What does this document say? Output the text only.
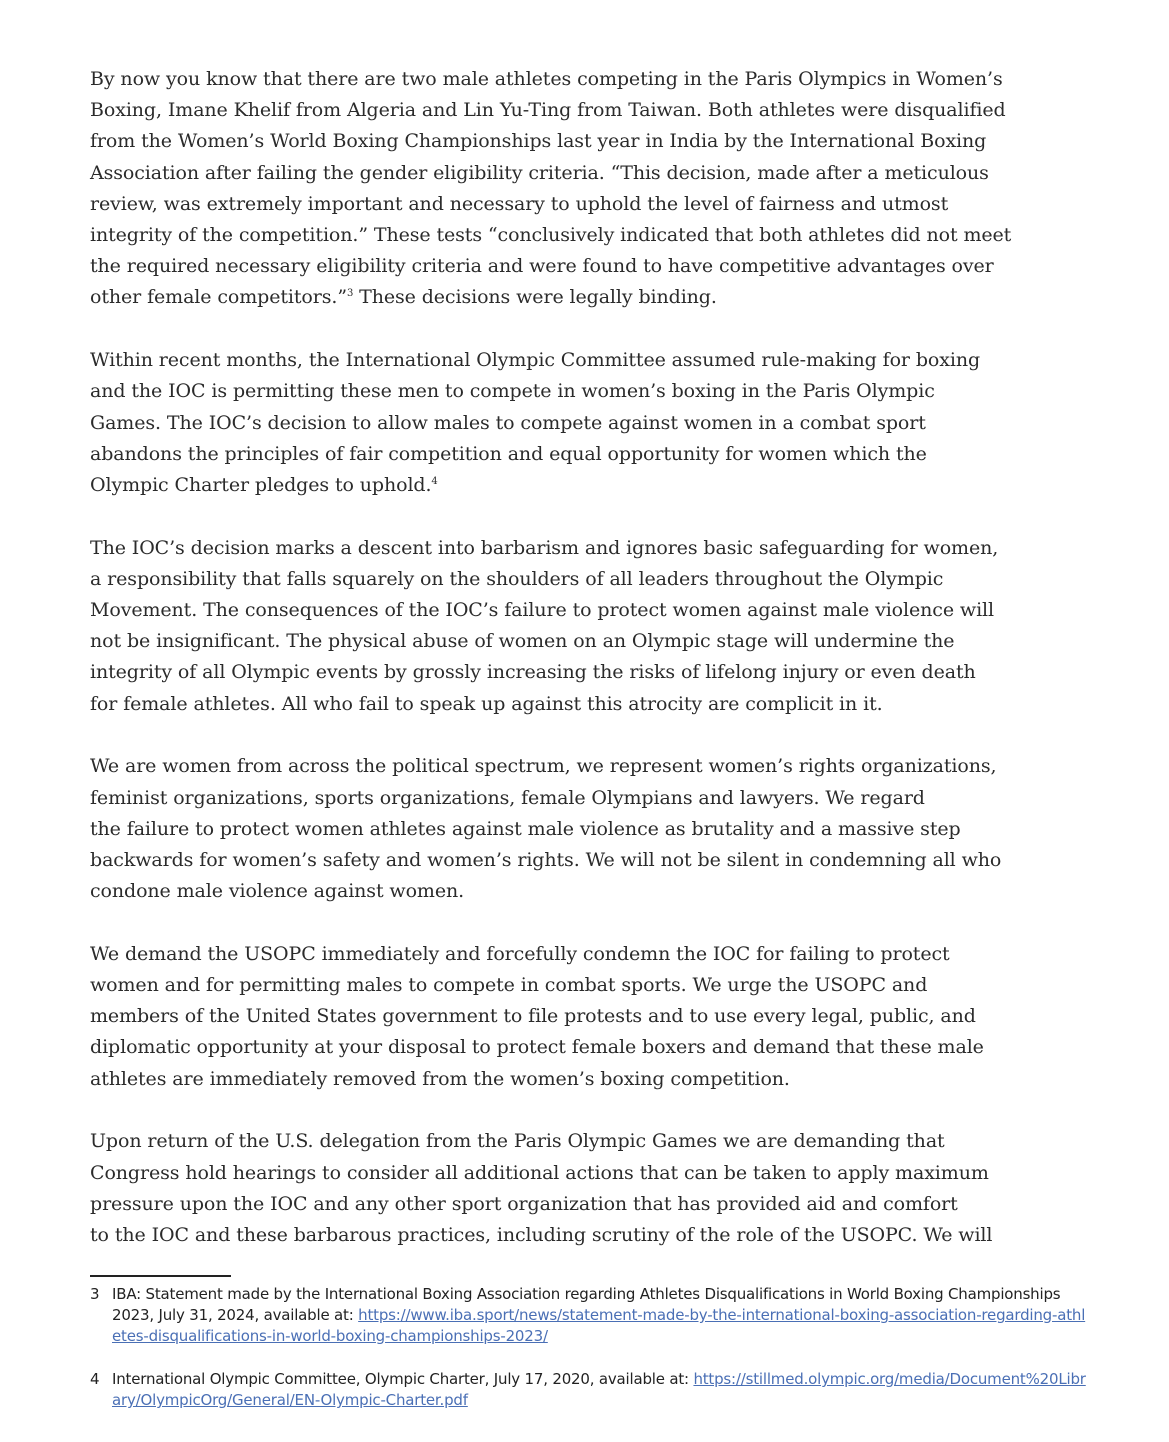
By now you know that there are two male athletes competing in the Paris Olympics in Women’s
Boxing, Imane Khelif from Algeria and Lin Yu-Ting from Taiwan. Both athletes were disqualified
from the Women’s World Boxing Championships last year in India by the International Boxing
Association after failing the gender eligibility criteria. “This decision, made after a meticulous
review, was extremely important and necessary to uphold the level of fairness and utmost
integrity of the competition.” These tests “conclusively indicated that both athletes did not meet
the required necessary eligibility criteria and were found to have competitive advantages over
other female competitors.”$^3$ These decisions were legally binding.

Within recent months, the International Olympic Committee assumed rule-making for boxing
and the IOC is permitting these men to compete in women’s boxing in the Paris Olympic
Games. The IOC’s decision to allow males to compete against women in a combat sport
abandons the principles of fair competition and equal opportunity for women which the
Olympic Charter pledges to uphold.$^4$

The IOC’s decision marks a descent into barbarism and ignores basic safeguarding for women,
a responsibility that falls squarely on the shoulders of all leaders throughout the Olympic
Movement. The consequences of the IOC’s failure to protect women against male violence will
not be insignificant. The physical abuse of women on an Olympic stage will undermine the
integrity of all Olympic events by grossly increasing the risks of lifelong injury or even death
for female athletes. All who fail to speak up against this atrocity are complicit in it.

We are women from across the political spectrum, we represent women’s rights organizations,
feminist organizations, sports organizations, female Olympians and lawyers. We regard
the failure to protect women athletes against male violence as brutality and a massive step
backwards for women’s safety and women’s rights. We will not be silent in condemning all who
condone male violence against women.

We demand the USOPC immediately and forcefully condemn the IOC for failing to protect
women and for permitting males to compete in combat sports. We urge the USOPC and
members of the United States government to file protests and to use every legal, public, and
diplomatic opportunity at your disposal to protect female boxers and demand that these male
athletes are immediately removed from the women’s boxing competition.

Upon return of the U.S. delegation from the Paris Olympic Games we are demanding that
Congress hold hearings to consider all additional actions that can be taken to apply maximum
pressure upon the IOC and any other sport organization that has provided aid and comfort
to the IOC and these barbarous practices, including scrutiny of the role of the USOPC. We will

3 IBA: Statement made by the International Boxing Association regarding Athletes Disqualifications in World Boxing Championships 2023, July 31, 2024, available at: https://www.iba.sport/news/statement-made-by-the-international-boxing-association-regarding-athletes-disqualifications-in-world-boxing-championships-2023/
4 International Olympic Committee, Olympic Charter, July 17, 2020, available at: https://stillmed.olympic.org/media/Document%20Library/OlympicOrg/General/EN-Olympic-Charter.pdf
